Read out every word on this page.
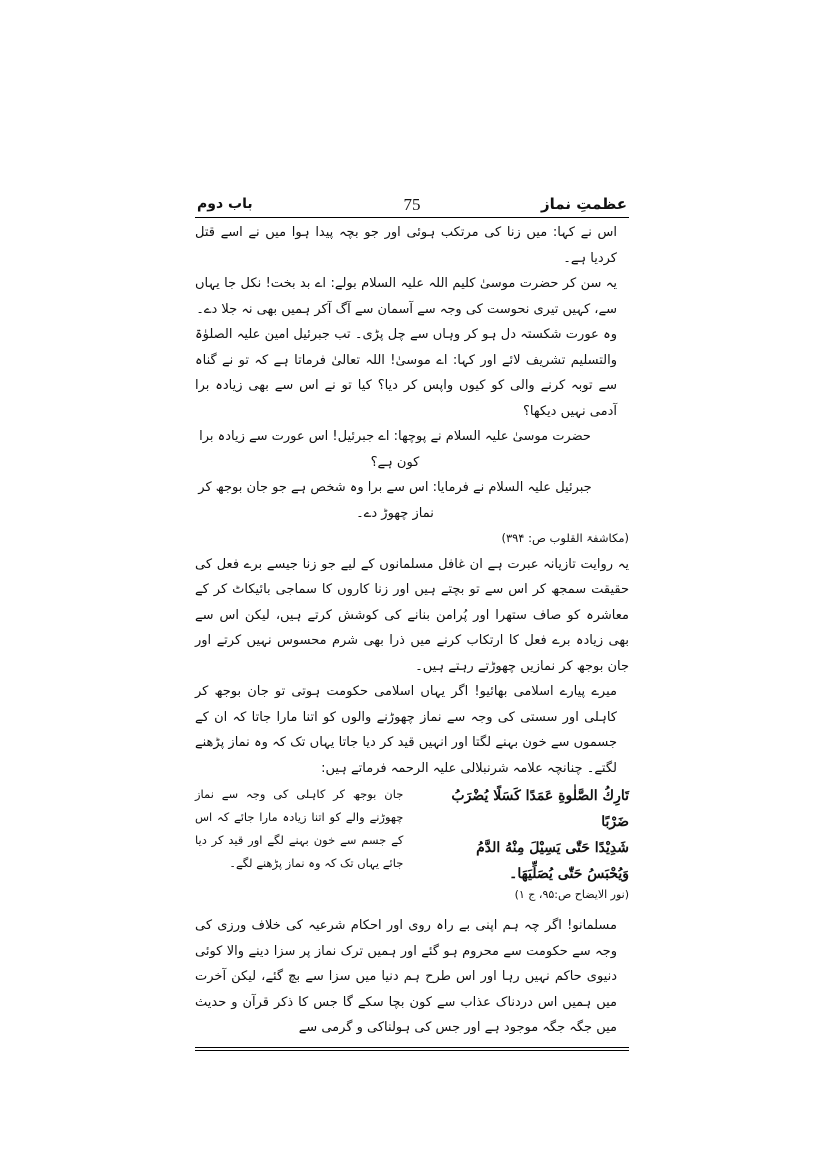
عظمتِ نماز
75
باب دوم

اس نے کہا: میں زنا کی مرتکب ہوئی اور جو بچہ پیدا ہوا میں نے اسے قتل کردیا ہے۔

یہ سن کر حضرت موسیٰ کلیم اللہ علیہ السلام بولے: اے بد بخت! نکل جا یہاں سے، کہیں تیری نحوست کی وجہ سے آسمان سے آگ آکر ہمیں بھی نہ جلا دے۔

وہ عورت شکستہ دل ہو کر وہاں سے چل پڑی۔ تب جبرئیل امین علیہ الصلوٰۃ والتسلیم تشریف لائے اور کہا: اے موسیٰ! اللہ تعالیٰ فرماتا ہے کہ تو نے گناہ سے توبہ کرنے والی کو کیوں واپس کر دیا؟ کیا تو نے اس سے بھی زیادہ برا آدمی نہیں دیکھا؟

حضرت موسیٰ علیہ السلام نے پوچھا: اے جبرئیل! اس عورت سے زیادہ برا کون ہے؟

جبرئیل علیہ السلام نے فرمایا: اس سے برا وہ شخص ہے جو جان بوجھ کر نماز چھوڑ دے۔

(مکاشفۃ القلوب ص: ۳۹۴)

یہ روایت تازیانہ عبرت ہے ان غافل مسلمانوں کے لیے جو زنا جیسے برے فعل کی حقیقت سمجھ کر اس سے تو بچتے ہیں اور زنا کاروں کا سماجی بائیکاٹ کر کے معاشرہ کو صاف ستھرا اور پُرامن بنانے کی کوشش کرتے ہیں، لیکن اس سے بھی زیادہ برے فعل کا ارتکاب کرنے میں ذرا بھی شرم محسوس نہیں کرتے اور جان بوجھ کر نمازیں چھوڑتے رہتے ہیں۔

میرے پیارے اسلامی بھائیو! اگر یہاں اسلامی حکومت ہوتی تو جان بوجھ کر کاہلی اور سستی کی وجہ سے نماز چھوڑنے والوں کو اتنا مارا جاتا کہ ان کے جسموں سے خون بہنے لگتا اور انہیں قید کر دیا جاتا یہاں تک کہ وہ نماز پڑھنے لگتے۔ چنانچہ علامہ شرنبلالی علیہ الرحمہ فرماتے ہیں:

تَارِكُ الصَّلٰوةِ عَمَدًا كَسَلًا يُضْرَبُ ضَرْبًا
شَدِيْدًا حَتّٰى يَسِيْلَ مِنْهُ الدَّمُ
وَيُحْبَسُ حَتّٰى يُصَلِّيَهَا۔
(نور الایضاح ص:۹۵، ج ۱)
جان بوجھ کر کاہلی کی وجہ سے نماز چھوڑنے والے کو اتنا زیادہ مارا جائے کہ اس کے جسم سے خون بہنے لگے اور قید کر دیا جائے یہاں تک کہ وہ نماز پڑھنے لگے۔

مسلمانو! اگر چہ ہم اپنی بے راہ روی اور احکام شرعیہ کی خلاف ورزی کی وجہ سے حکومت سے محروم ہو گئے اور ہمیں ترک نماز پر سزا دینے والا کوئی دنیوی حاکم نہیں رہا اور اس طرح ہم دنیا میں سزا سے بچ گئے، لیکن آخرت میں ہمیں اس دردناک عذاب سے کون بچا سکے گا جس کا ذکر قرآن و حدیث میں جگہ جگہ موجود ہے اور جس کی ہولناکی و گرمی سے
